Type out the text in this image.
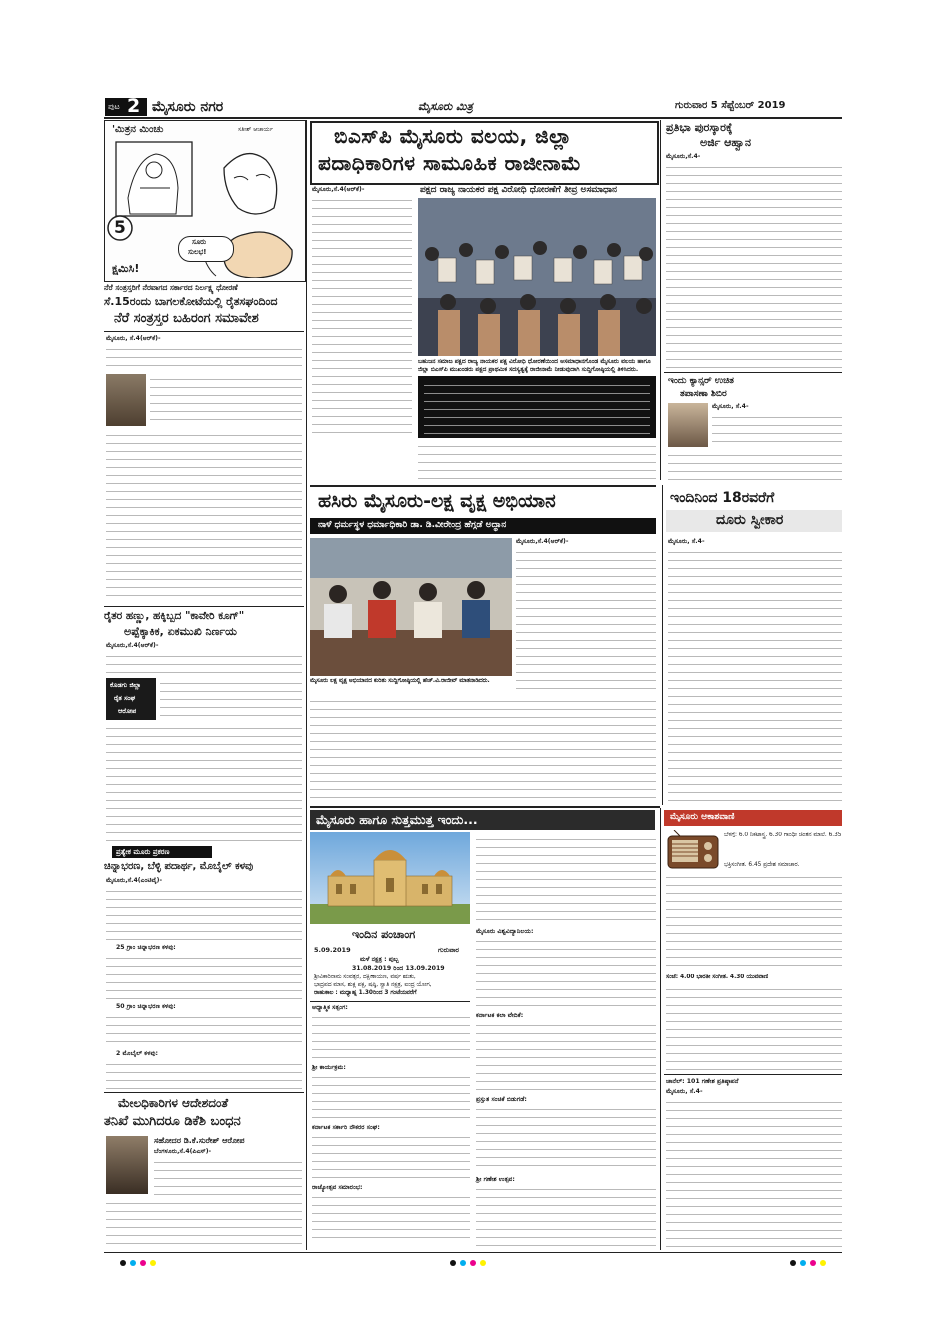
ಪುಟ 2 ಮೈಸೂರು ನಗರ	ಮೈಸೂರು ಮಿತ್ರ	ಗುರುವಾರ 5 ಸೆಪ್ಟೆಂಬರ್ 2019
'ಮಿತ್ರನ ಮಿಂಚು	ಸತೀಶ್ ಆಚಾರ್ಯ
5
ಸೂರು
ಸುಲಭ!
ಕ್ಷಮಿಸಿ!
ನೆರೆ ಸಂತ್ರಸ್ತರಿಗೆ ನೆರವಾಗದ ಸರ್ಕಾರದ ನಿರ್ಲಕ್ಷ್ಯ ಧೋರಣೆ
ಸೆ.15ರಂದು ಬಾಗಲಕೋಟೆಯಲ್ಲಿ ರೈತಸಘಂದಿಂದ
ನೆರೆ ಸಂತ್ರಸ್ತರ ಬಹಿರಂಗ ಸಮಾವೇಶ
ಮೈಸೂರು, ಸೆ.4(ಆರ್‌ಕೆ)-
ರೈತರ ಹಣ್ಣು, ಹಕ್ಕಿಬ್ಬದ "ಕಾವೇರಿ ಕೂಗ್"
ಅಪ್ಪೆಕ್ಕಾಕಿಕ, ಏಕಮುಖಿ ನಿರ್ಣಯ
ಮೈಸೂರು,ಸೆ.4(ಆರ್‌ಕೆ)-
ಕೊಡಗು ಜಿಲ್ಲಾ
ರೈತ ಸಂಘ
ಆರೋಪ
ಪ್ರತ್ಯೇಕ ಮೂರು ಪ್ರಕರಣ
ಚಿನ್ನಾಭರಣ, ಬೆಳ್ಳಿ ಪದಾರ್ಥ, ಮೊಬೈಲ್ ಕಳವು
ಮೈಸೂರು,ಸೆ.4(ಎಂಟಿವೈ)-
25 ಗ್ರಾಂ ಚಿನ್ನಾಭರಣ ಕಳವು:
50 ಗ್ರಾಂ ಚಿನ್ನಾಭರಣ ಕಳವು:
2 ಮೊಬೈಲ್ ಕಳವು:
ಮೇಲಧಿಕಾರಿಗಳ ಆದೇಶದಂತೆ
ತನಿಖೆ ಮುಗಿದರೂ ಡಿಕೆಶಿ ಬಂಧನ
ಸಹೋದರ ಡಿ.ಕೆ.ಸುರೇಶ್ ಆರೋಪ
ಬೆಂಗಳೂರು,ಸೆ.4(ಪಿಎಸ್‌)-
ಬಿಎಸ್‌ಪಿ ಮೈಸೂರು ವಲಯ, ಜಿಲ್ಲಾ
ಪದಾಧಿಕಾರಿಗಳ ಸಾಮೂಹಿಕ ರಾಜೀನಾಮೆ
ಮೈಸೂರು,ಸೆ.4(ಆರ್‌ಕೆ)-	ಪಕ್ಷದ ರಾಜ್ಯ ನಾಯಕರ ಪಕ್ಷ ವಿರೋಧಿ ಧೋರಣೆಗೆ ತೀವ್ರ ಅಸಮಾಧಾನ
ಬಹುಜನ ಸಮಾಜ ಪಕ್ಷದ ರಾಜ್ಯ ನಾಯಕರ ಪಕ್ಷ ವಿರೋಧಿ ಧೋರಣೆಯಿಂದ ಅಸಮಾಧಾನಗೊಂಡ ಮೈಸೂರು ವಲಯ ಹಾಗೂ ಜಿಲ್ಲಾ ಬಿಎಸ್‌ಪಿ ಮುಖಂಡರು ಪಕ್ಷದ ಪ್ರಾಥಮಿಕ ಸದಸ್ಯತ್ವಕ್ಕೆ ರಾಜೀನಾಮೆ ನೀಡುವುದಾಗಿ ಸುದ್ದಿಗೋಷ್ಠಿಯಲ್ಲಿ ತಿಳಿಸಿದರು.
ಪ್ರತಿಭಾ ಪುರಸ್ಕಾರಕ್ಕೆ
ಅರ್ಜಿ ಆಹ್ವಾನ
ಮೈಸೂರು,ಸೆ.4-
ಇಂದು ಕ್ಯಾನ್ಸರ್ ಉಚಿತ
ತಪಾಸಣಾ ಶಿಬಿರ
ಮೈಸೂರು, ಸೆ.4-
ಹಸಿರು ಮೈಸೂರು-ಲಕ್ಷ ವೃಕ್ಷ ಅಭಿಯಾನ
ನಾಳೆ ಧರ್ಮಸ್ಥಳ ಧರ್ಮಾಧಿಕಾರಿ ಡಾ. ಡಿ.ವೀರೇಂದ್ರ ಹೆಗ್ಗಡೆ ಅದ್ಧಾನ
ಮೈಸೂರು ಲಕ್ಷ ವೃಕ್ಷ ಅಭಿಯಾನದ ಕುರಿತು ಸುದ್ದಿಗೋಷ್ಠಿಯಲ್ಲಿ ಹೆಚ್.ವಿ.ರಾಜೀವ್ ಮಾತನಾಡಿದರು.
ಮೈಸೂರು,ಸೆ.4(ಆರ್‌ಕೆ)-
ಇಂದಿನಿಂದ 18ರವರೆಗೆ
ದೂರು ಸ್ವೀಕಾರ
ಮೈಸೂರು, ಸೆ.4-
ಮೈಸೂರು ಹಾಗೂ ಸುತ್ತಮುತ್ತ ಇಂದು...
ಇಂದಿನ ಪಂಚಾಂಗ
5.09.2019	ಗುರುವಾರ
ಮಳೆ ನಕ್ಷತ್ರ : ಪುಬ್ಬ
31.08.2019 ರಿಂದ 13.09.2019
ಶ್ರೀವಿಕಾರಿನಾಮ ಸಂವತ್ಸರ, ದಕ್ಷಿಣಾಯಣ, ವರ್ಷ ಋತು,
ಭಾದ್ರಪದ ಮಾಸ, ಶುಕ್ಲ ಪಕ್ಷ, ಷಷ್ಠಿ, ಸ್ವಾತಿ ನಕ್ಷತ್ರ, ಐಂದ್ರ ಯೋಗ,
ರಾಹುಕಾಲ : ಮಧ್ಯಾಹ್ನ 1.30ರಿಂದ 3 ಗಂಟೆಯವರೆಗೆ
ಆಧ್ಯಾತ್ಮಿಕ ಸತ್ಸಂಗ:
ಶ್ರೀ ಕಾರ್ಯಕ್ರಮ:
ಕರ್ನಾಟಕ ಸರ್ಕಾರಿ ನೌಕರರ ಸಂಘ:
ರಾಜ್ಯೋತ್ಸವ ಸಮಾರಂಭ:
ಮೈಸೂರು ವಿಶ್ವವಿದ್ಯಾನಿಲಯ:
ಕರ್ನಾಟಕ ಕಲಾ ವೇದಿಕೆ:
ಪ್ರಸ್ತುತ ಸಂಚಿಕೆ ಬಿಡುಗಡೆ:
ಶ್ರೀ ಗಣೇಶ ಉತ್ಸವ:
ಮೈಸೂರು ಆಕಾಶವಾಣಿ
ಬೆಳಗ್ಗೆ: 6.0 ನಿಕಟಾಸ್ತ್ರ. 6.30 ಗಾಂಧೀ ಚಿಂತನ ಮಾಲೆ. 6.35
ಭಕ್ತಿಸಂಗೀತ. 6.45 ಪ್ರದೇಶ ಸಮಾಚಾರ.
ಸಂಜೆ: 4.00 ಭಾರತೀ ಸಂಗೀತ. 4.30 ಯುವವಾಣಿ
ಚಾನೆಲ್: 101 ಗಣೇಶ ಪ್ರತಿಷ್ಠಾಪನೆ
ಮೈಸೂರು, ಸೆ.4-
